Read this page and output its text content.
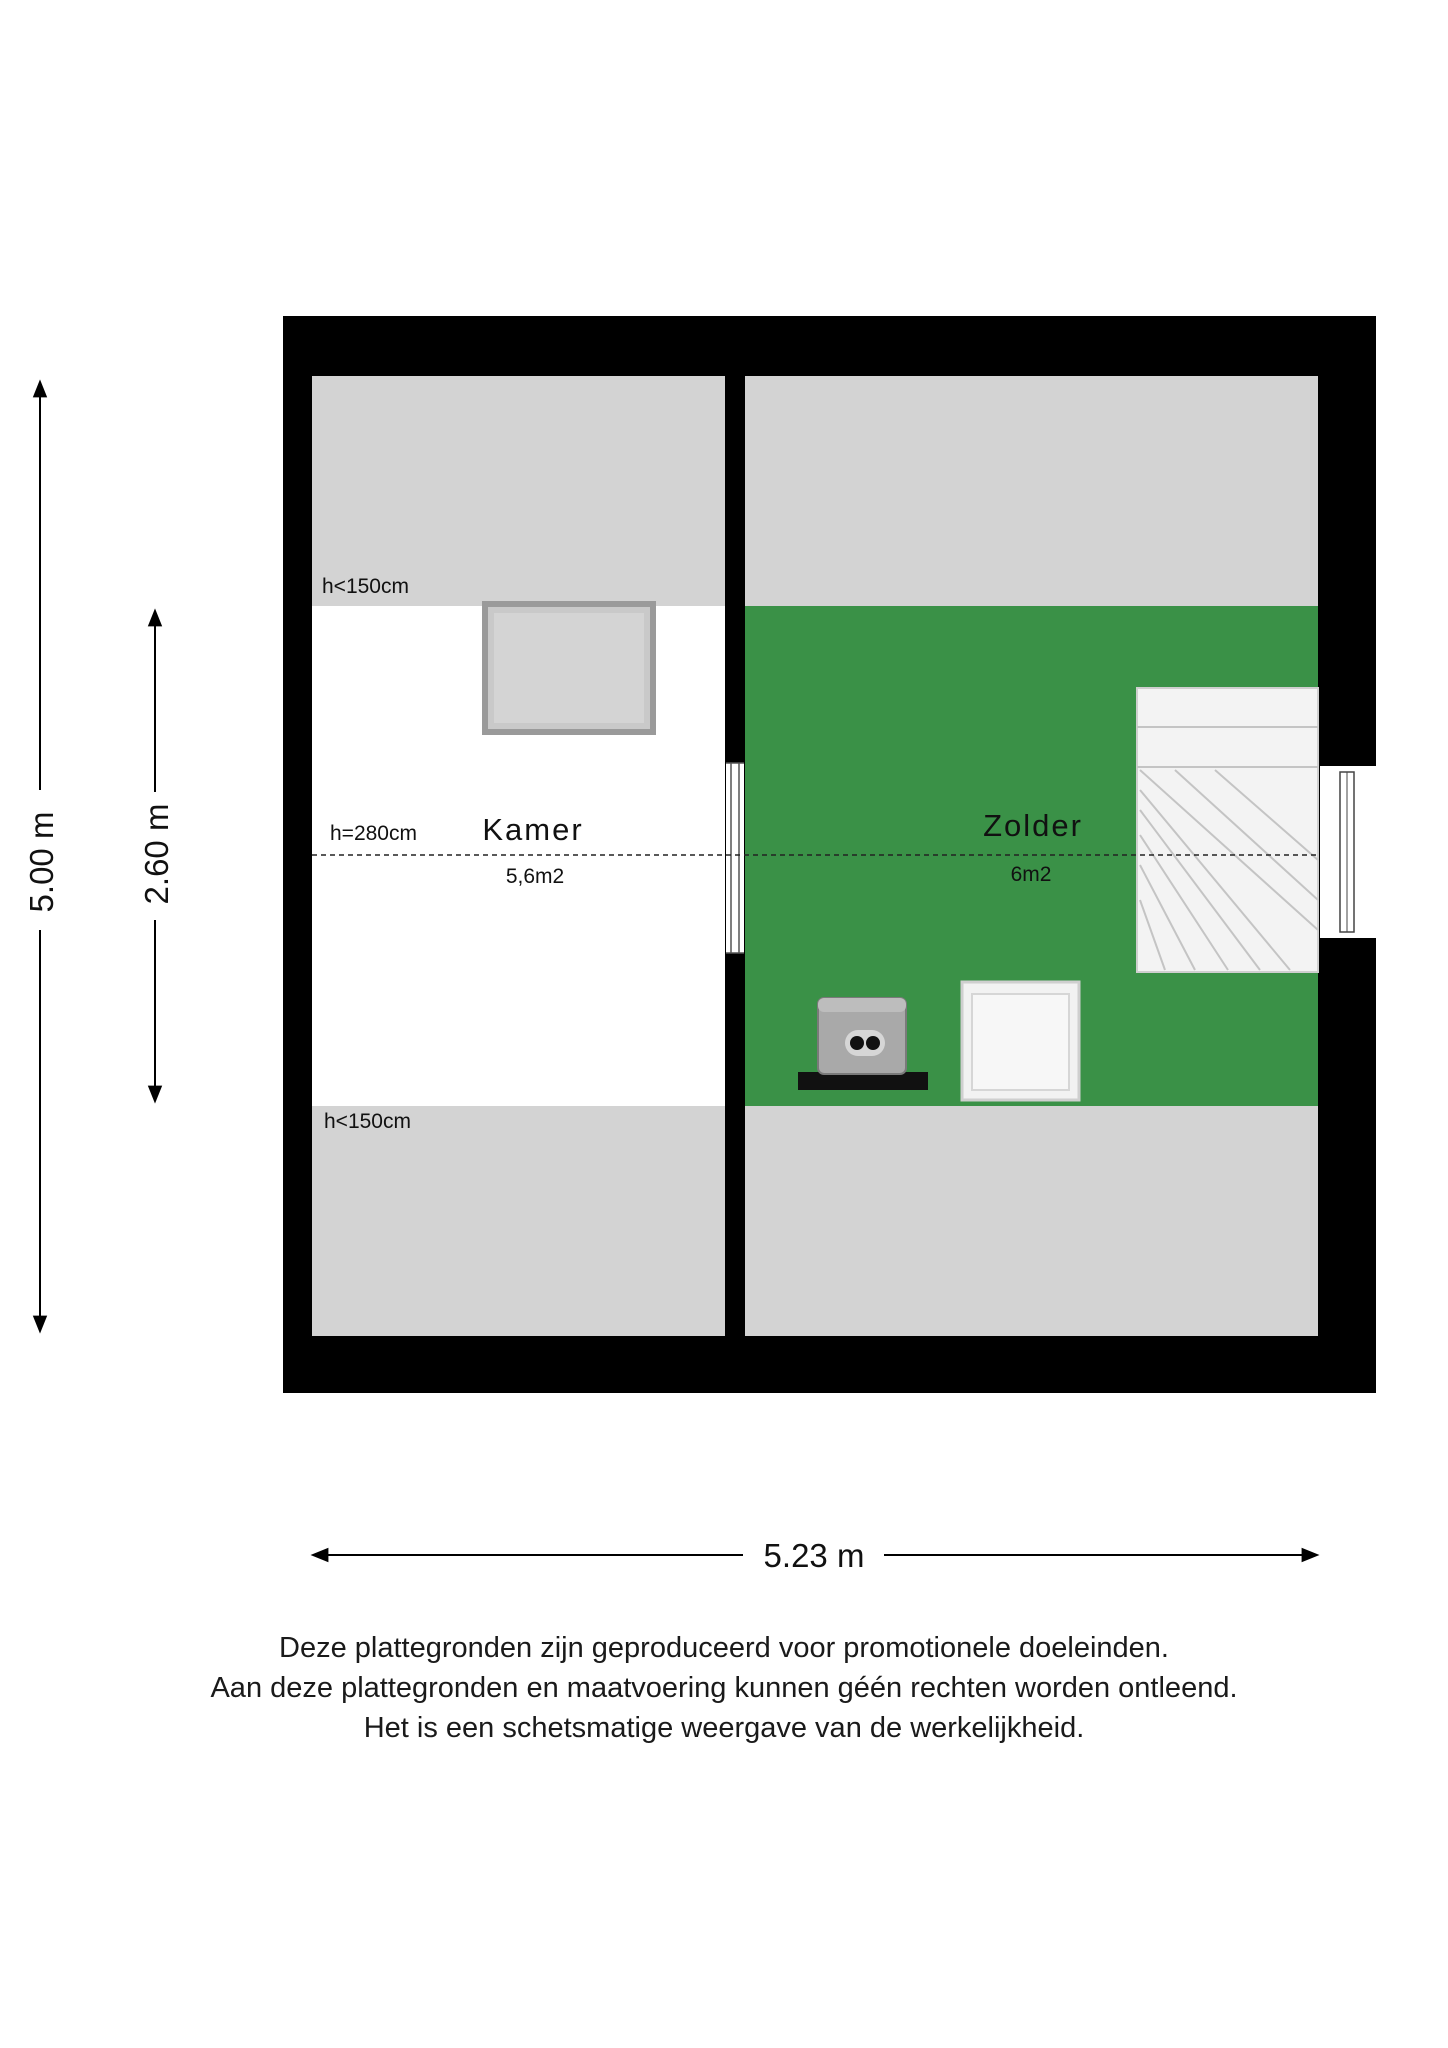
h<150cm
h=280cm
h<150cm
Kamer
5,6m2
Zolder
6m2
5.00 m 2.60 m
5.23 m
Deze plattegronden zijn geproduceerd voor promotionele doeleinden.
Aan deze plattegronden en maatvoering kunnen géén rechten worden ontleend.
Het is een schetsmatige weergave van de werkelijkheid.
